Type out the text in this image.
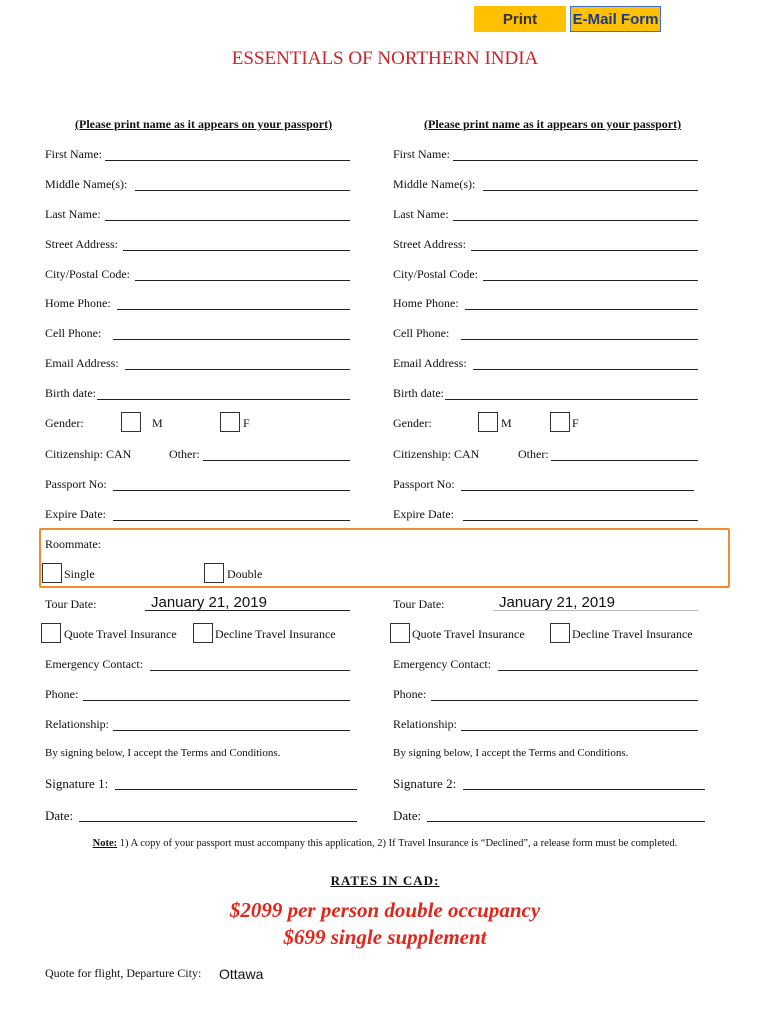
Print	E-Mail Form
ESSENTIALS OF NORTHERN INDIA
(Please print name as it appears on your passport)
First Name:
Middle Name(s):
Last Name:
Street Address:
City/Postal Code:
Home Phone:
Cell Phone:
Email Address:
Birth date:
Gender:	M	F
Citizenship: CAN	Other:
Passport No:
Expire Date:
Roommate:
Single	Double
Tour Date:	January 21, 2019
Quote Travel Insurance	Decline Travel Insurance
Emergency Contact:
Phone:
Relationship:
By signing below, I accept the Terms and Conditions.
Signature 1:
Date:
(Please print name as it appears on your passport)
First Name:
Middle Name(s):
Last Name:
Street Address:
City/Postal Code:
Home Phone:
Cell Phone:
Email Address:
Birth date:
Gender:	M	F
Citizenship: CAN	Other:
Passport No:
Expire Date:
Tour Date:	January 21, 2019
Quote Travel Insurance	Decline Travel Insurance
Emergency Contact:
Phone:
Relationship:
By signing below, I accept the Terms and Conditions.
Signature 2:
Date:
Note: 1) A copy of your passport must accompany this application, 2) If Travel Insurance is “Declined”, a release form must be completed.
RATES IN CAD:
$2099 per person double occupancy
$699 single supplement
Quote for flight, Departure City: Ottawa
